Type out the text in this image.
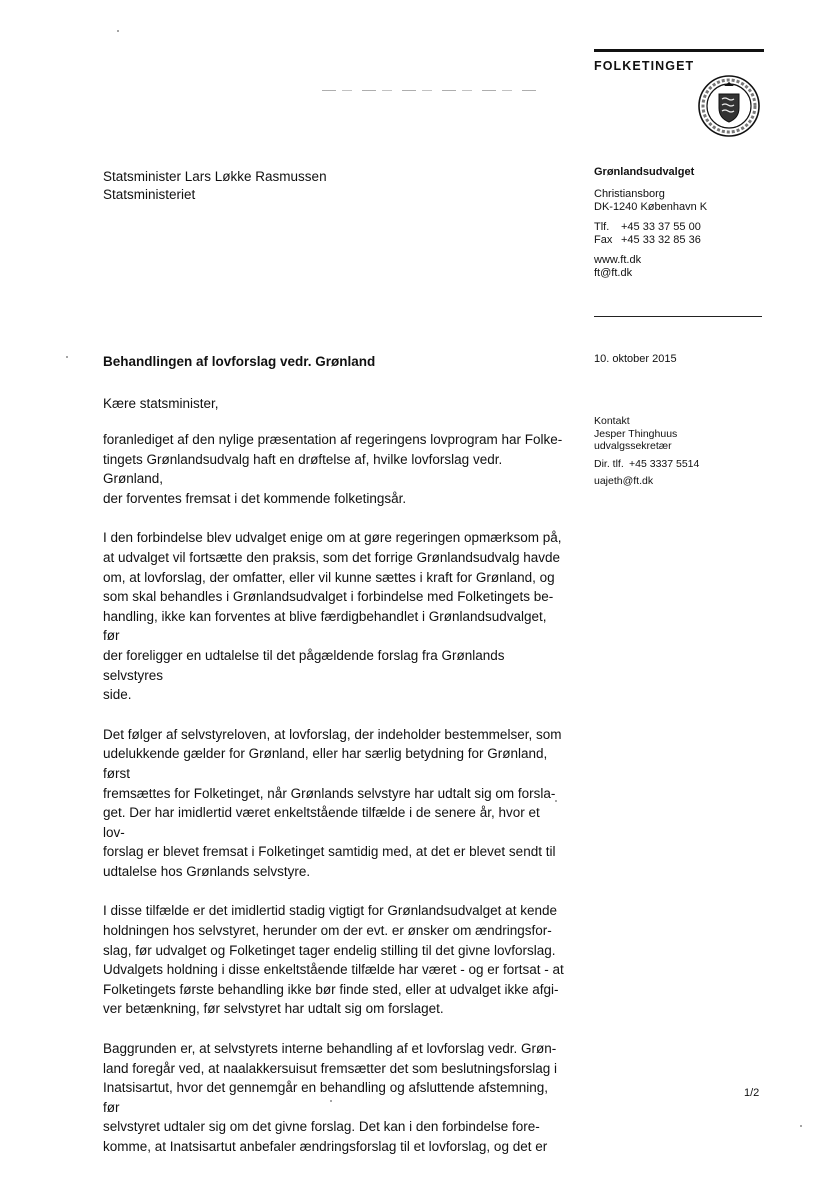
FOLKETINGET
Statsminister Lars Løkke Rasmussen
Statsministeriet
Grønlandsudvalget
Christiansborg
DK-1240 København K
Tlf.	+45 33 37 55 00
Fax +45 33 32 85 36
www.ft.dk
ft@ft.dk
10. oktober 2015
Kontakt
Jesper Thinghuus
udvalgssekretær
Dir. tlf. +45 3337 5514
uajeth@ft.dk
Behandlingen af lovforslag vedr. Grønland
Kære statsminister,

foranlediget af den nylige præsentation af regeringens lovprogram har Folke-
tingets Grønlandsudvalg haft en drøftelse af, hvilke lovforslag vedr. Grønland,
der forventes fremsat i det kommende folketingsår.

I den forbindelse blev udvalget enige om at gøre regeringen opmærksom på,
at udvalget vil fortsætte den praksis, som det forrige Grønlandsudvalg havde
om, at lovforslag, der omfatter, eller vil kunne sættes i kraft for Grønland, og
som skal behandles i Grønlandsudvalget i forbindelse med Folketingets be-
handling, ikke kan forventes at blive færdigbehandlet i Grønlandsudvalget, før
der foreligger en udtalelse til det pågældende forslag fra Grønlands selvstyres
side.

Det følger af selvstyreloven, at lovforslag, der indeholder bestemmelser, som
udelukkende gælder for Grønland, eller har særlig betydning for Grønland, først
fremsættes for Folketinget, når Grønlands selvstyre har udtalt sig om forsla-
get. Der har imidlertid været enkeltstående tilfælde i de senere år, hvor et lov-
forslag er blevet fremsat i Folketinget samtidig med, at det er blevet sendt til
udtalelse hos Grønlands selvstyre.

I disse tilfælde er det imidlertid stadig vigtigt for Grønlandsudvalget at kende
holdningen hos selvstyret, herunder om der evt. er ønsker om ændringsfor-
slag, før udvalget og Folketinget tager endelig stilling til det givne lovforslag.
Udvalgets holdning i disse enkeltstående tilfælde har været - og er fortsat - at
Folketingets første behandling ikke bør finde sted, eller at udvalget ikke afgi-
ver betænkning, før selvstyret har udtalt sig om forslaget.

Baggrunden er, at selvstyrets interne behandling af et lovforslag vedr. Grøn-
land foregår ved, at naalakkersuisut fremsætter det som beslutningsforslag i
Inatsisartut, hvor det gennemgår en behandling og afsluttende afstemning, før
selvstyret udtaler sig om det givne forslag. Det kan i den forbindelse fore-
komme, at Inatsisartut anbefaler ændringsforslag til et lovforslag, og det er

1/2
